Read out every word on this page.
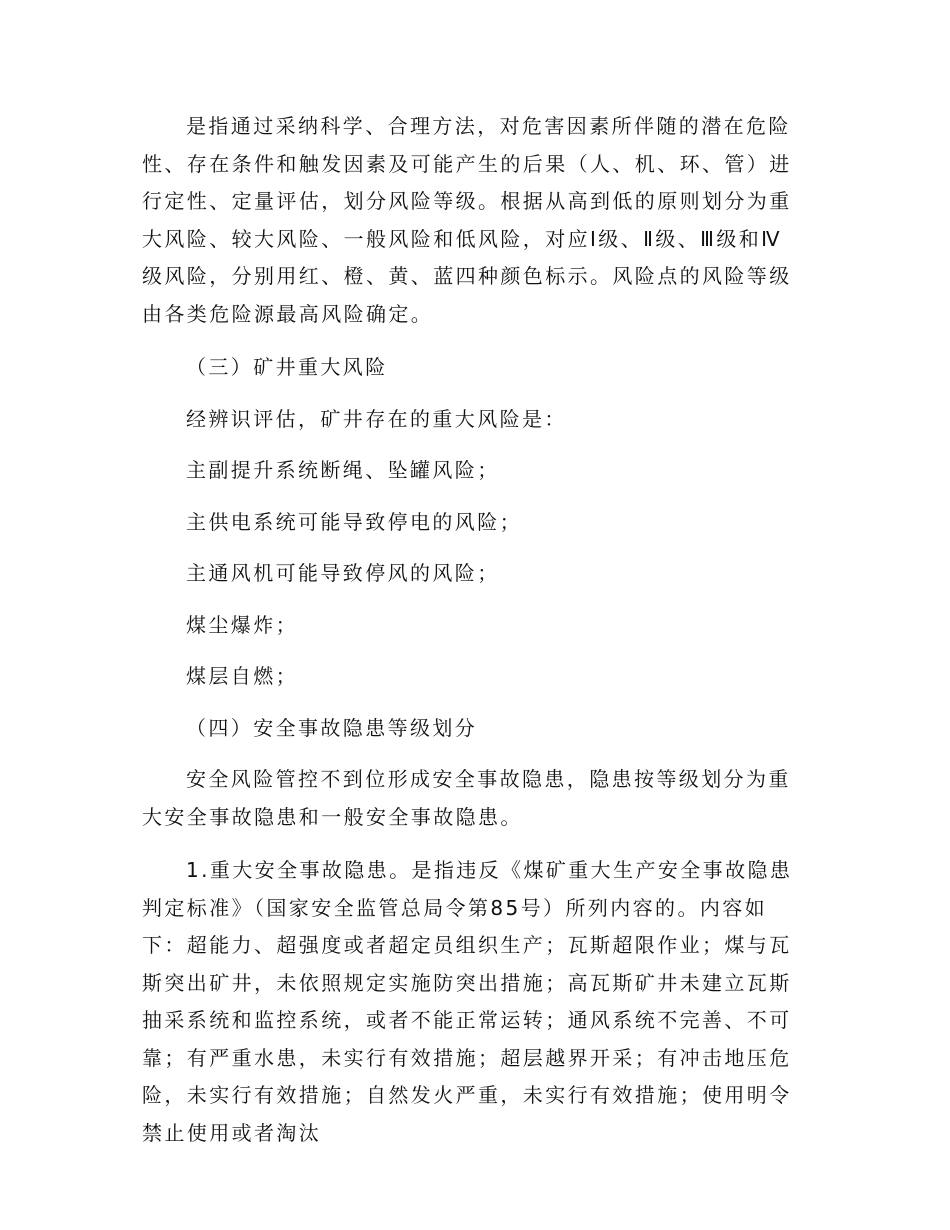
是指通过采纳科学、合理方法，对危害因素所伴随的潜在危险性、存在条件和触发因素及可能产生的后果（人、机、环、管）进行定性、定量评估，划分风险等级。根据从高到低的原则划分为重大风险、较大风险、一般风险和低风险，对应Ⅰ级、Ⅱ级、Ⅲ级和Ⅳ级风险，分别用红、橙、黄、蓝四种颜色标示。风险点的风险等级由各类危险源最高风险确定。

（三）矿井重大风险

经辨识评估，矿井存在的重大风险是：

主副提升系统断绳、坠罐风险；

主供电系统可能导致停电的风险；

主通风机可能导致停风的风险；

煤尘爆炸；

煤层自燃；

（四）安全事故隐患等级划分

安全风险管控不到位形成安全事故隐患，隐患按等级划分为重大安全事故隐患和一般安全事故隐患。

1.重大安全事故隐患。是指违反《煤矿重大生产安全事故隐患判定标准》（国家安全监管总局令第85号）所列内容的。内容如下：超能力、超强度或者超定员组织生产；瓦斯超限作业；煤与瓦斯突出矿井，未依照规定实施防突出措施；高瓦斯矿井未建立瓦斯抽采系统和监控系统，或者不能正常运转；通风系统不完善、不可靠；有严重水患，未实行有效措施；超层越界开采；有冲击地压危险，未实行有效措施；自然发火严重，未实行有效措施；使用明令禁止使用或者淘汰
